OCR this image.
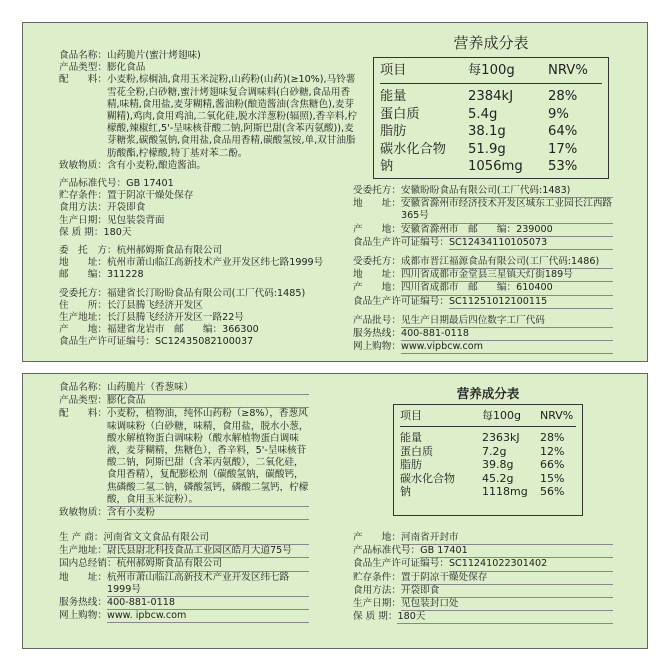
食品名称： 山药脆片(蜜汁烤翅味)
产品类型： 膨化食品
配　　料： 小麦粉,棕榈油,食用玉米淀粉,山药粉(山药)(≥10%),马铃薯雪花全粉,白砂糖,蜜汁烤翅味复合调味料(白砂糖,食品用香精,味精,食用盐,麦芽糊精,酱油粉(酿造酱油(含焦糖色),麦芽糊精),鸡肉,食用鸡油,二氧化硅,脱水洋葱粉(辐照),香辛料,柠檬酸,辣椒红,5'-呈味核苷酸二钠,阿斯巴甜(含苯丙氨酸)),麦芽糖浆,碳酸氢钠,食用盐,食品用香精,碳酸氢铵,单,双甘油脂肪酸酯,柠檬酸,特丁基对苯二酚。
致敏物质： 含有小麦粉,酿造酱油。
产品标准代号： GB 17401
贮存条件： 置于阴凉干燥处保存
食用方法： 开袋即食
生产日期： 见包装袋背面
保 质 期： 180天
委　托　方： 杭州郝姆斯食品有限公司
地　　址： 杭州市萧山临江高新技术产业开发区纬七路1999号
邮　　编： 311228
受委托方： 福建省长汀盼盼食品有限公司(工厂代码:1485)
住　　所： 长汀县腾飞经济开发区
生产地址： 长汀县腾飞经济开发区一路22号
产　　地： 福建省龙岩市　邮　　编：366300
食品生产许可证编号： SC12435082100037
营养成分表
项目	每100g	NRV%
能量	2384kJ	28%
蛋白质	5.4g	9%
脂肪	38.1g	64%
碳水化合物 51.9g	17%
钠	1056mg 53%
受委托方： 安徽盼盼食品有限公司(工厂代码:1483)
地　　址： 安徽省滁州市经济技术开发区城东工业园长江西路365号
产　　地： 安徽省滁州市　邮　　编：239000
食品生产许可证编号： SC12434110105073
受委托方： 成都市晋江福源食品有限公司(工厂代码:1486)
地　　址： 四川省成都市金堂县三星镇天灯街189号
产　　地： 四川省成都市　邮　　编：610400
食品生产许可证编号： SC11251012100115
产品批号： 见生产日期最后四位数字工厂代码
服务热线： 400-881-0118
网上购物： www.vipbcw.com
食品名称： 山药脆片（香葱味）
产品类型： 膨化食品
配　　料： 小麦粉，植物油，纯怀山药粉（≥8%），香葱风味调味粉（白砂糖，味精，食用盐，脱水小葱，酸水解植物蛋白调味粉（酸水解植物蛋白调味液，麦芽糊精，焦糖色），香辛料，5'-呈味核苷酸二钠，阿斯巴甜（含苯丙氨酸），二氧化硅，食用香精），复配膨松剂（碳酸氢钠，碳酸钙，焦磷酸二氢二钠，磷酸氢钙，磷酸二氢钙，柠檬酸，食用玉米淀粉）。
致敏物质： 含有小麦粉
生 产 商： 河南省文文食品有限公司
生产地址： 尉氏县尉北科技食品工业园区皓月大道75号
国内总经销： 杭州郝姆斯食品有限公司
地　　址： 杭州市萧山临江高新技术产业开发区纬七路1999号
服务热线： 400-881-0118
网上购物： www. ipbcw.com
营养成分表
项目	每100g NRV%
能量	2363kJ 28%
蛋白质	7.2g	12%
脂肪	39.8g 66%
碳水化合物 45.2g 15%
钠	1118mg 56%
产　　地： 河南省开封市
产品标准代号： GB 17401
食品生产许可证编号： SC11241022301402
贮存条件： 置于阴凉干燥处保存
食用方法： 开袋即食
生产日期： 见包装封口处
保 质 期： 180天
